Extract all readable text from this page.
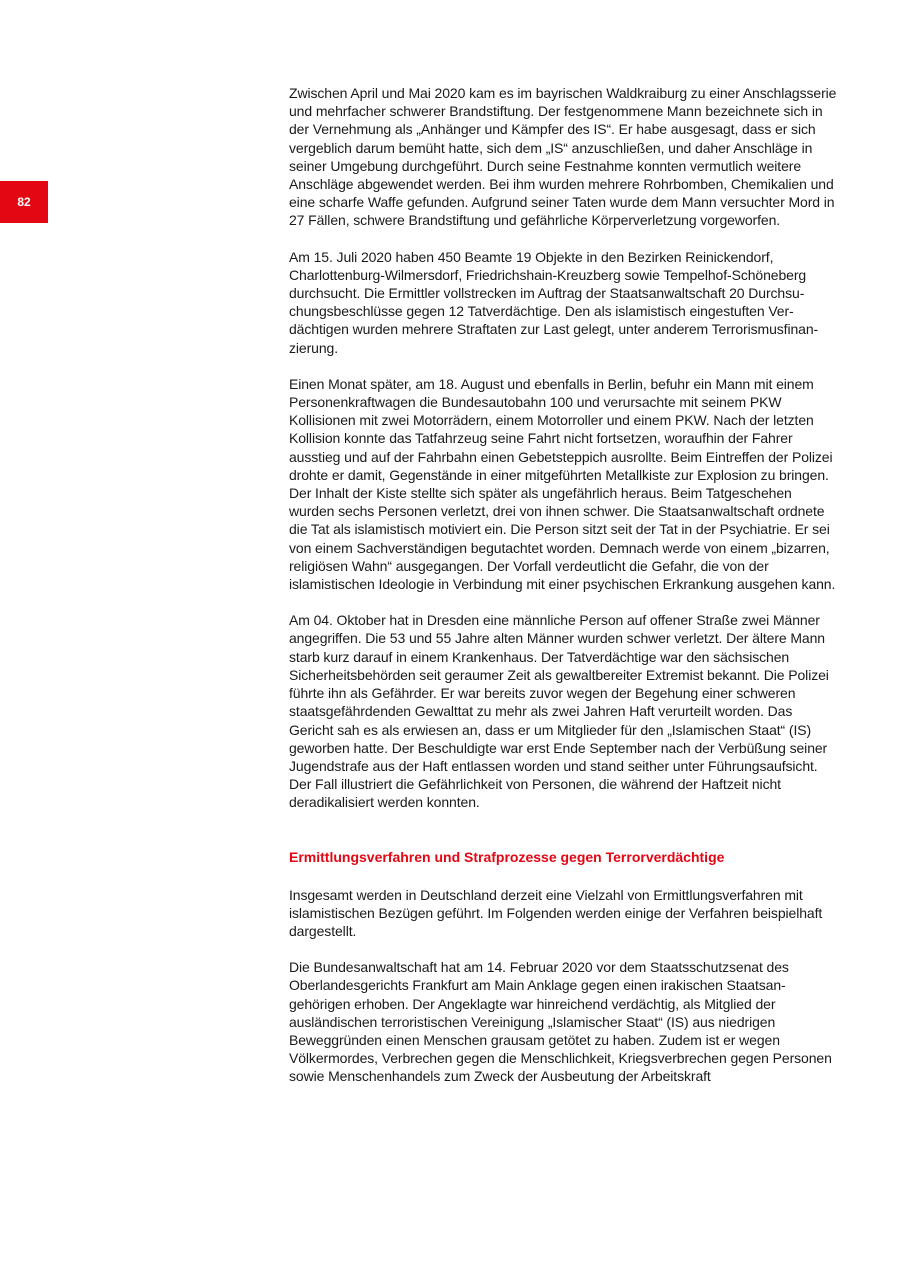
82

Zwischen April und Mai 2020 kam es im bayrischen Waldkraiburg zu einer Anschlagsserie und mehrfacher schwerer Brandstiftung. Der festgenommene Mann bezeichnete sich in der Vernehmung als „Anhänger und Kämpfer des IS“. Er habe ausgesagt, dass er sich vergeblich darum bemüht hatte, sich dem „IS“ anzuschließen, und daher Anschläge in seiner Umgebung durchgeführt. Durch seine Festnahme konnten vermutlich weitere Anschläge abgewendet werden. Bei ihm wurden mehrere Rohrbomben, Chemikalien und eine scharfe Waffe gefunden. Aufgrund seiner Taten wurde dem Mann versuchter Mord in 27 Fällen, schwere Brandstiftung und gefährliche Körperverletzung vorgeworfen.

Am 15. Juli 2020 haben 450 Beamte 19 Objekte in den Bezirken Reinickendorf, Charlottenburg-Wilmersdorf, Friedrichshain-Kreuzberg sowie Tempelhof-Schöneberg durchsucht. Die Ermittler vollstrecken im Auftrag der Staatsanwaltschaft 20 Durchsuchungsbeschlüsse gegen 12 Tatverdächtige. Den als islamistisch eingestuften Verdächtigen wurden mehrere Straftaten zur Last gelegt, unter anderem Terrorismusfinanzierung.

Einen Monat später, am 18. August und ebenfalls in Berlin, befuhr ein Mann mit einem Personenkraftwagen die Bundesautobahn 100 und verursachte mit seinem PKW Kollisionen mit zwei Motorrädern, einem Motorroller und einem PKW. Nach der letzten Kollision konnte das Tatfahrzeug seine Fahrt nicht fortsetzen, woraufhin der Fahrer ausstieg und auf der Fahrbahn einen Gebetsteppich ausrollte. Beim Eintreffen der Polizei drohte er damit, Gegenstände in einer mitgeführten Metallkiste zur Explosion zu bringen. Der Inhalt der Kiste stellte sich später als ungefährlich heraus. Beim Tatgeschehen wurden sechs Personen verletzt, drei von ihnen schwer. Die Staatsanwaltschaft ordnete die Tat als islamistisch motiviert ein. Die Person sitzt seit der Tat in der Psychiatrie. Er sei von einem Sachverständigen begutachtet worden. Demnach werde von einem „bizarren, religiösen Wahn“ ausgegangen. Der Vorfall verdeutlicht die Gefahr, die von der islamistischen Ideologie in Verbindung mit einer psychischen Erkrankung ausgehen kann.

Am 04. Oktober hat in Dresden eine männliche Person auf offener Straße zwei Männer angegriffen. Die 53 und 55 Jahre alten Männer wurden schwer verletzt. Der ältere Mann starb kurz darauf in einem Krankenhaus. Der Tatverdächtige war den sächsischen Sicherheitsbehörden seit geraumer Zeit als gewaltbereiter Extremist bekannt. Die Polizei führte ihn als Gefährder. Er war bereits zuvor wegen der Begehung einer schweren staatsgefährdenden Gewalttat zu mehr als zwei Jahren Haft verurteilt worden. Das Gericht sah es als erwiesen an, dass er um Mitglieder für den „Islamischen Staat“ (IS) geworben hatte. Der Beschuldigte war erst Ende September nach der Verbüßung seiner Jugendstrafe aus der Haft entlassen worden und stand seither unter Führungsaufsicht. Der Fall illustriert die Gefährlichkeit von Personen, die während der Haftzeit nicht deradikalisiert werden konnten.

Ermittlungsverfahren und Strafprozesse gegen Terrorverdächtige

Insgesamt werden in Deutschland derzeit eine Vielzahl von Ermittlungsverfahren mit islamistischen Bezügen geführt. Im Folgenden werden einige der Verfahren beispielhaft dargestellt.

Die Bundesanwaltschaft hat am 14. Februar 2020 vor dem Staatsschutzsenat des Oberlandesgerichts Frankfurt am Main Anklage gegen einen irakischen Staatsangehörigen erhoben. Der Angeklagte war hinreichend verdächtig, als Mitglied der ausländischen terroristischen Vereinigung „Islamischer Staat“ (IS) aus niedrigen Beweggründen einen Menschen grausam getötet zu haben. Zudem ist er wegen Völkermordes, Verbrechen gegen die Menschlichkeit, Kriegsverbrechen gegen Personen sowie Menschenhandels zum Zweck der Ausbeutung der Arbeitskraft
